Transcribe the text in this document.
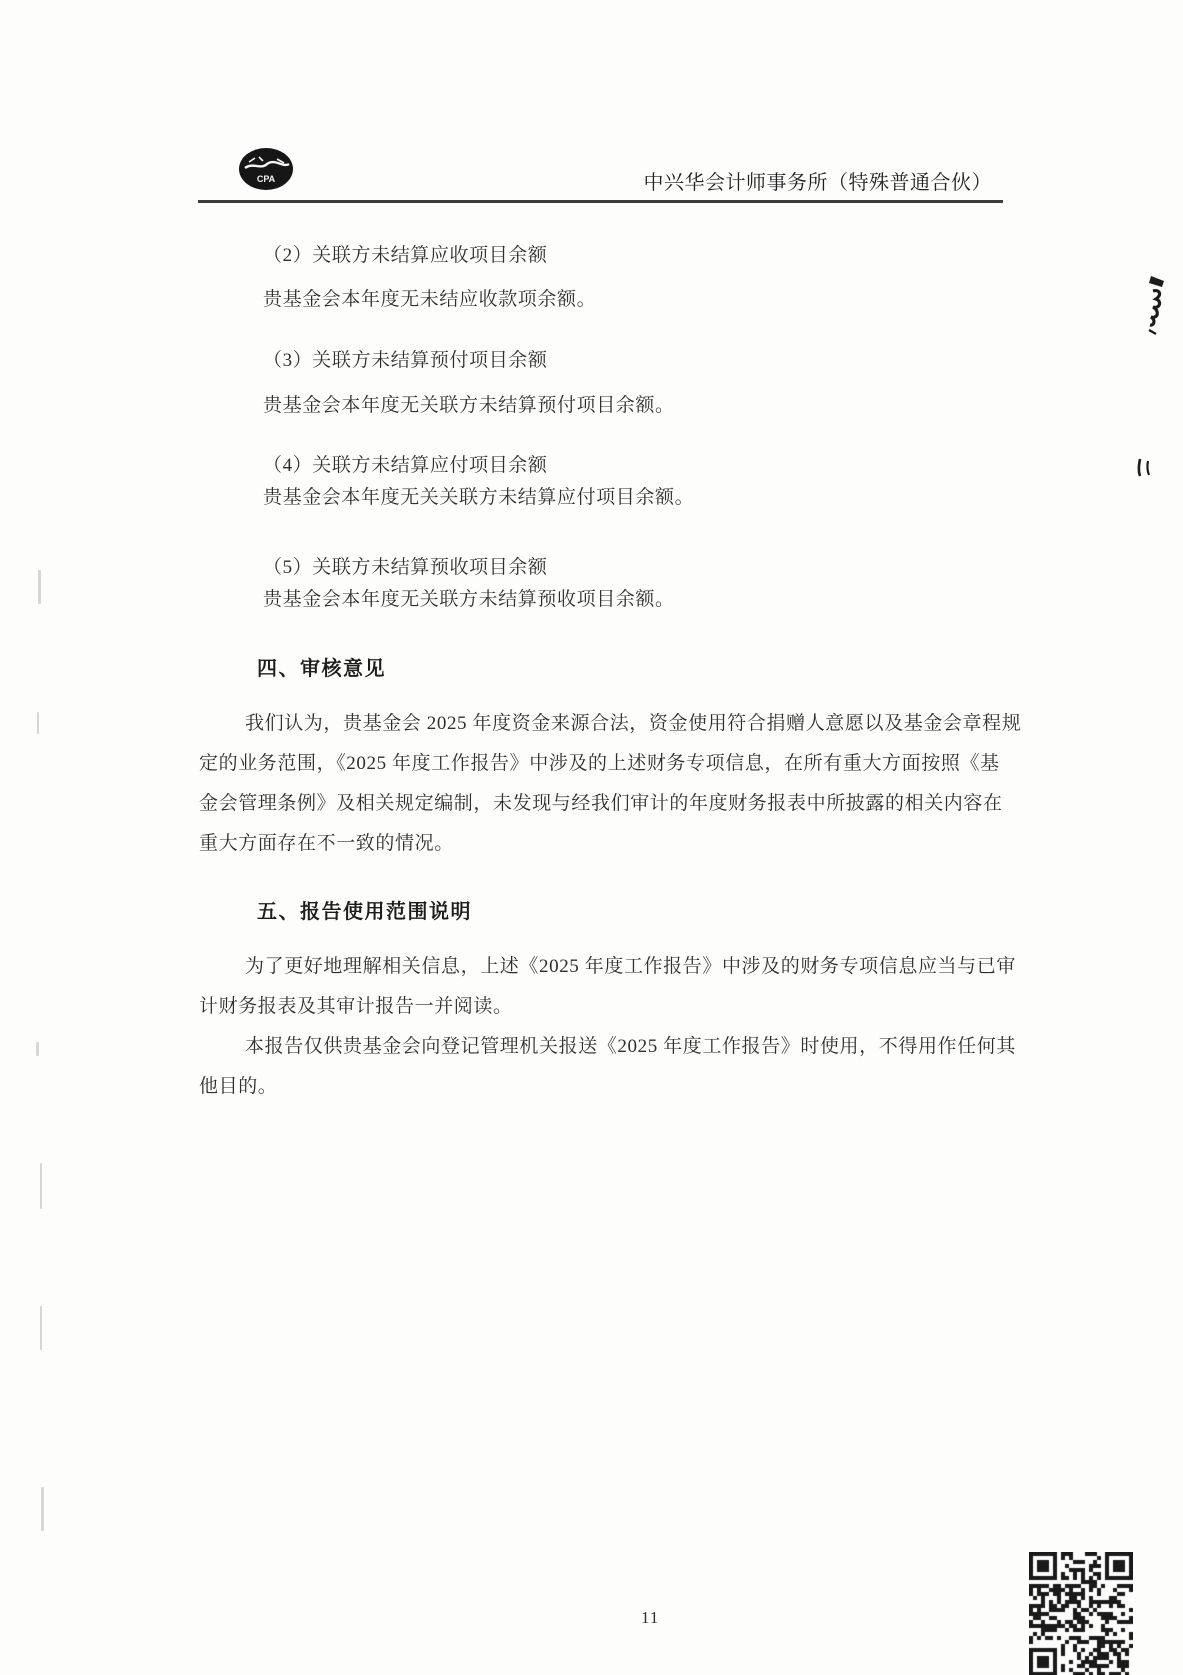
CPA	中兴华会计师事务所（特殊普通合伙）
（2）关联方未结算应收项目余额
贵基金会本年度无未结应收款项余额。
（3）关联方未结算预付项目余额
贵基金会本年度无关联方未结算预付项目余额。
（4）关联方未结算应付项目余额
贵基金会本年度无关关联方未结算应付项目余额。
（5）关联方未结算预收项目余额
贵基金会本年度无关联方未结算预收项目余额。
四、审核意见
我们认为，贵基金会 2025 年度资金来源合法，资金使用符合捐赠人意愿以及基金会章程规
定的业务范围，《2025 年度工作报告》中涉及的上述财务专项信息，在所有重大方面按照《基
金会管理条例》及相关规定编制，未发现与经我们审计的年度财务报表中所披露的相关内容在
重大方面存在不一致的情况。
五、报告使用范围说明
为了更好地理解相关信息，上述《2025 年度工作报告》中涉及的财务专项信息应当与已审
计财务报表及其审计报告一并阅读。
本报告仅供贵基金会向登记管理机关报送《2025 年度工作报告》时使用，不得用作任何其
他目的。
11
